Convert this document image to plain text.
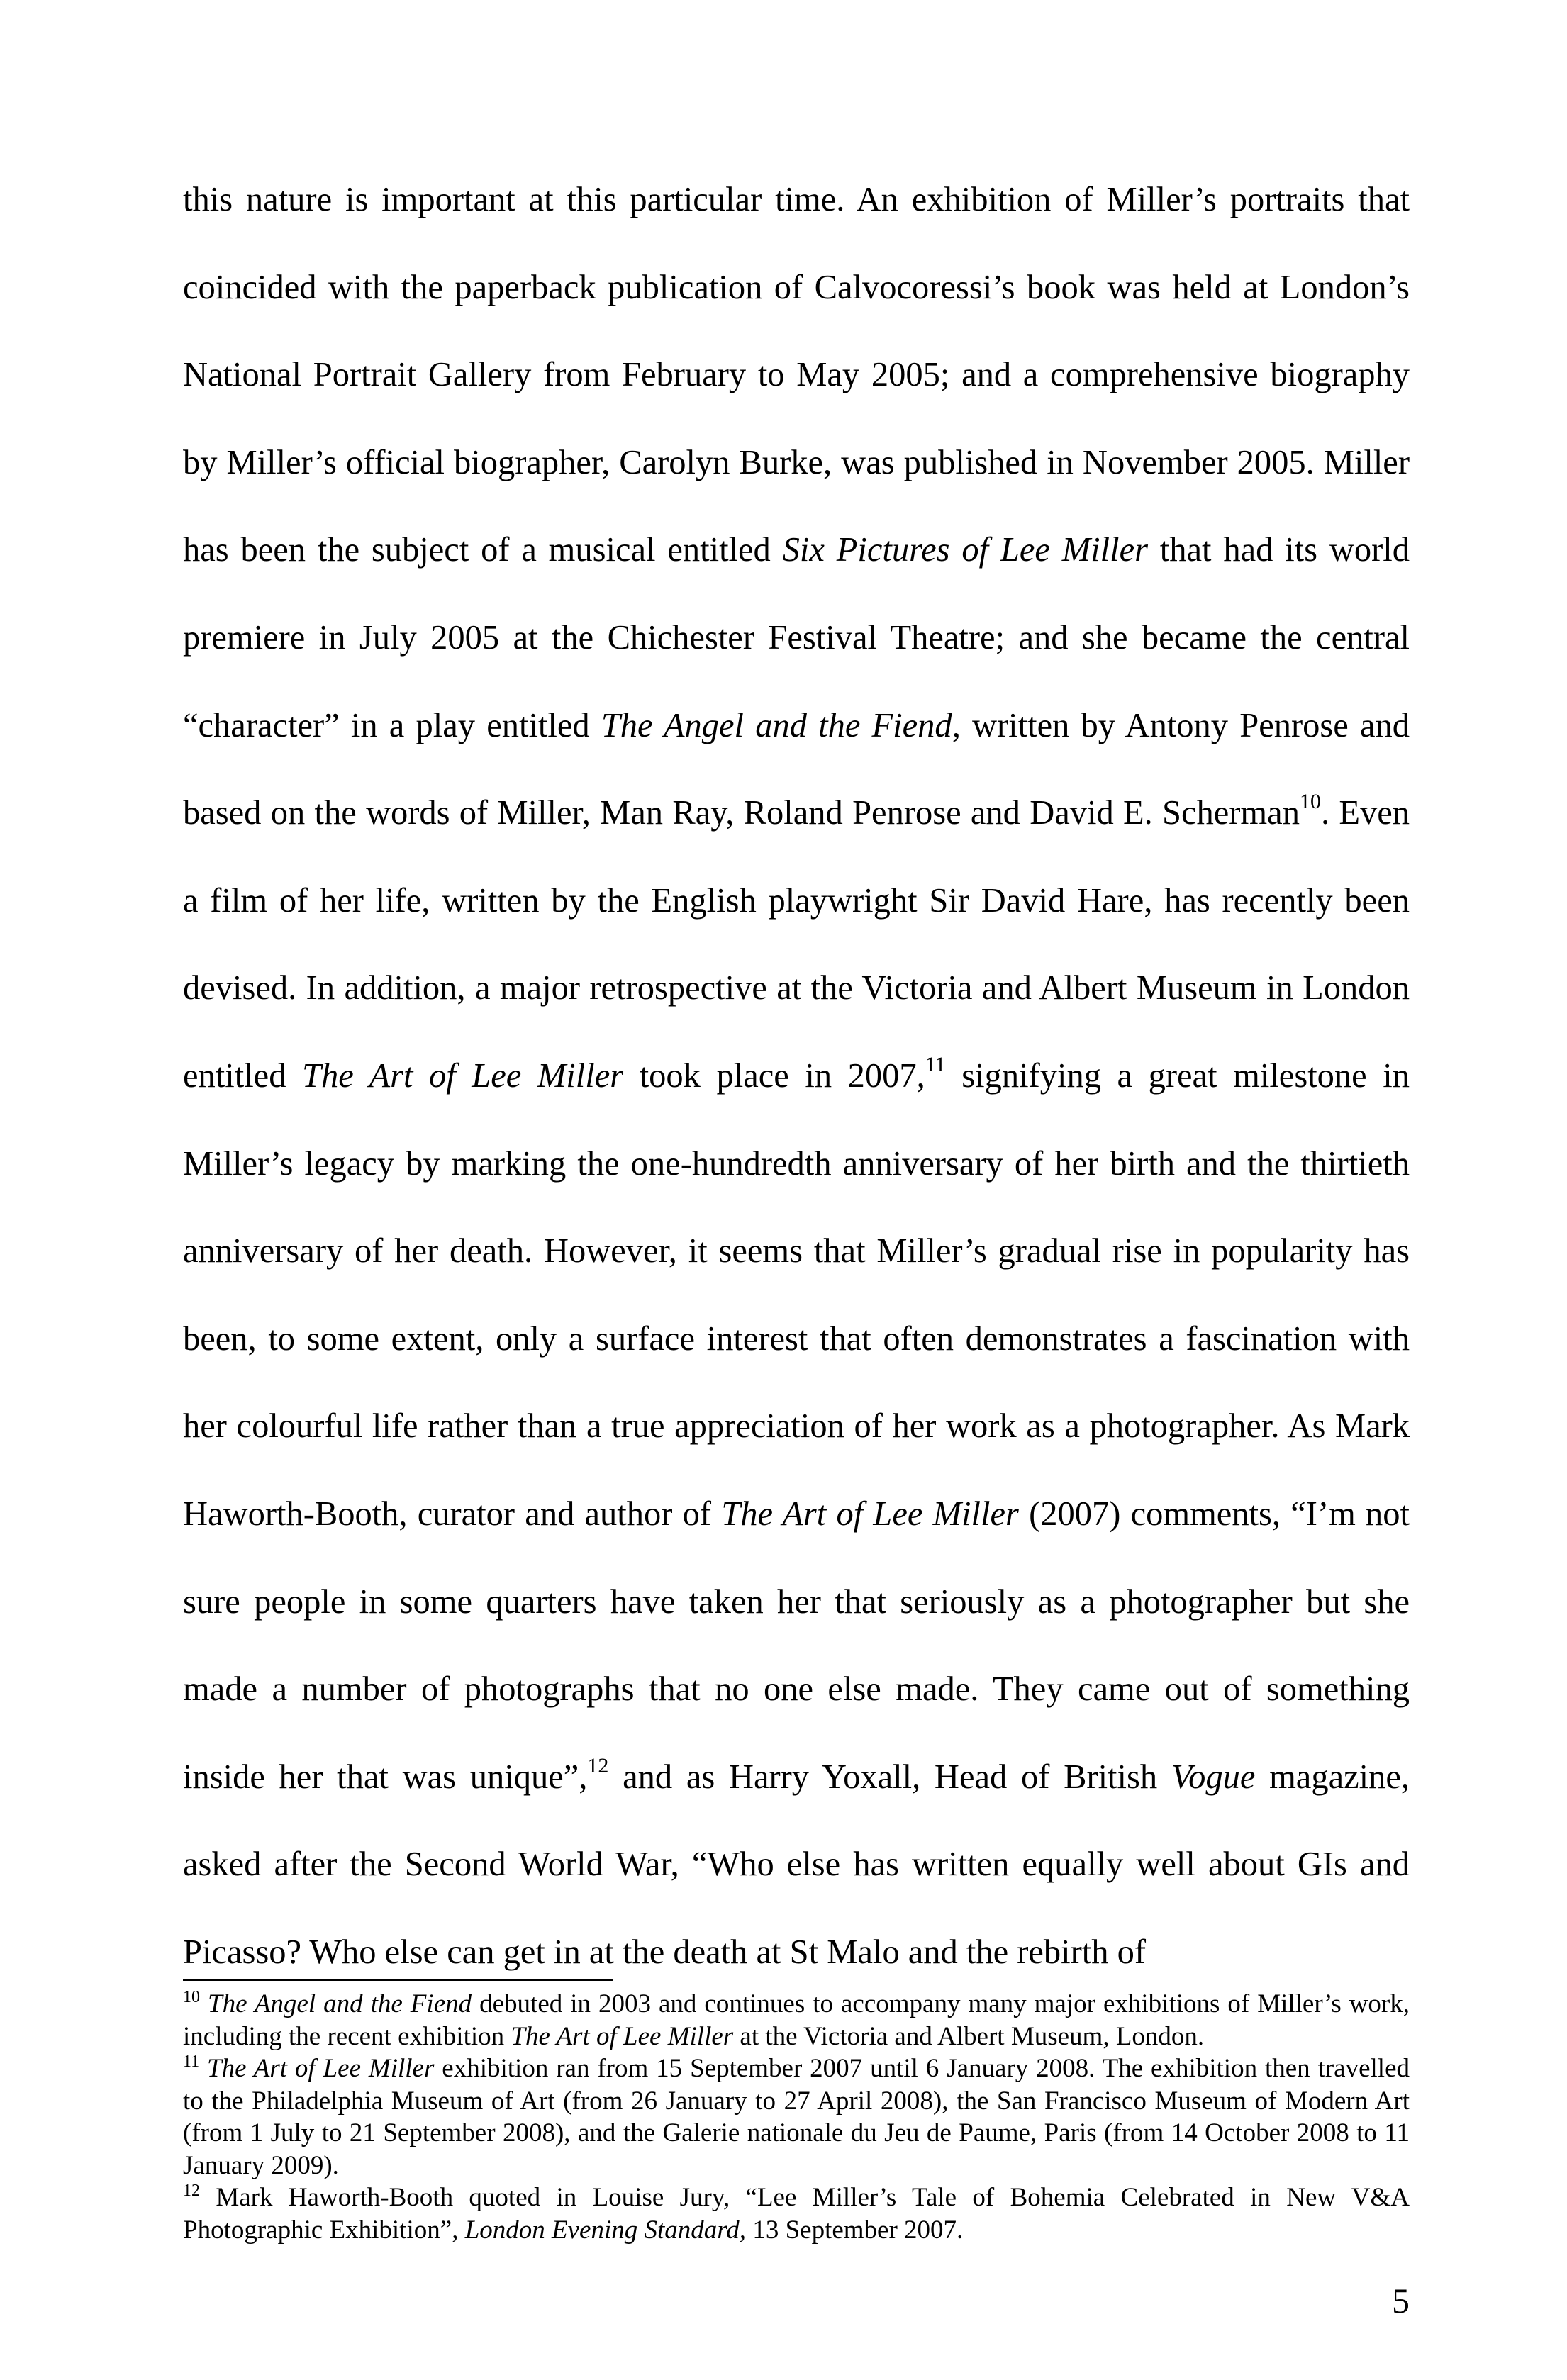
this nature is important at this particular time. An exhibition of Miller’s portraits that coincided with the paperback publication of Calvocoressi’s book was held at London’s National Portrait Gallery from February to May 2005; and a comprehensive biography by Miller’s official biographer, Carolyn Burke, was published in November 2005. Miller has been the subject of a musical entitled Six Pictures of Lee Miller that had its world premiere in July 2005 at the Chichester Festival Theatre; and she became the central “character” in a play entitled The Angel and the Fiend, written by Antony Penrose and based on the words of Miller, Man Ray, Roland Penrose and David E. Scherman$^{10}$. Even a film of her life, written by the English playwright Sir David Hare, has recently been devised. In addition, a major retrospective at the Victoria and Albert Museum in London entitled The Art of Lee Miller took place in 2007,11 signifying a great milestone in Miller’s legacy by marking the one-hundredth anniversary of her birth and the thirtieth anniversary of her death. However, it seems that Miller’s gradual rise in popularity has been, to some extent, only a surface interest that often demonstrates a fascination with her colourful life rather than a true appreciation of her work as a photographer. As Mark Haworth-Booth, curator and author of The Art of Lee Miller (2007) comments, “I’m not sure people in some quarters have taken her that seriously as a photographer but she made a number of photographs that no one else made. They came out of something inside her that was unique”,$^{12}$ and as Harry Yoxall, Head of British Vogue magazine, asked after the Second World War, “Who else has written equally well about GIs and Picasso? Who else can get in at the death at St Malo and the rebirth of

$^{10}$ The Angel and the Fiend debuted in 2003 and continues to accompany many major exhibitions of Miller’s work, including the recent exhibition The Art of Lee Miller at the Victoria and Albert Museum, London.

$^{11}$ The Art of Lee Miller exhibition ran from 15 September 2007 until 6 January 2008. The exhibition then travelled to the Philadelphia Museum of Art (from 26 January to 27 April 2008), the San Francisco Museum of Modern Art (from 1 July to 21 September 2008), and the Galerie nationale du Jeu de Paume, Paris (from 14 October 2008 to 11 January 2009).

$^{12}$ Mark Haworth-Booth quoted in Louise Jury, “Lee Miller’s Tale of Bohemia Celebrated in New V&A Photographic Exhibition”, London Evening Standard, 13 September 2007.

5
